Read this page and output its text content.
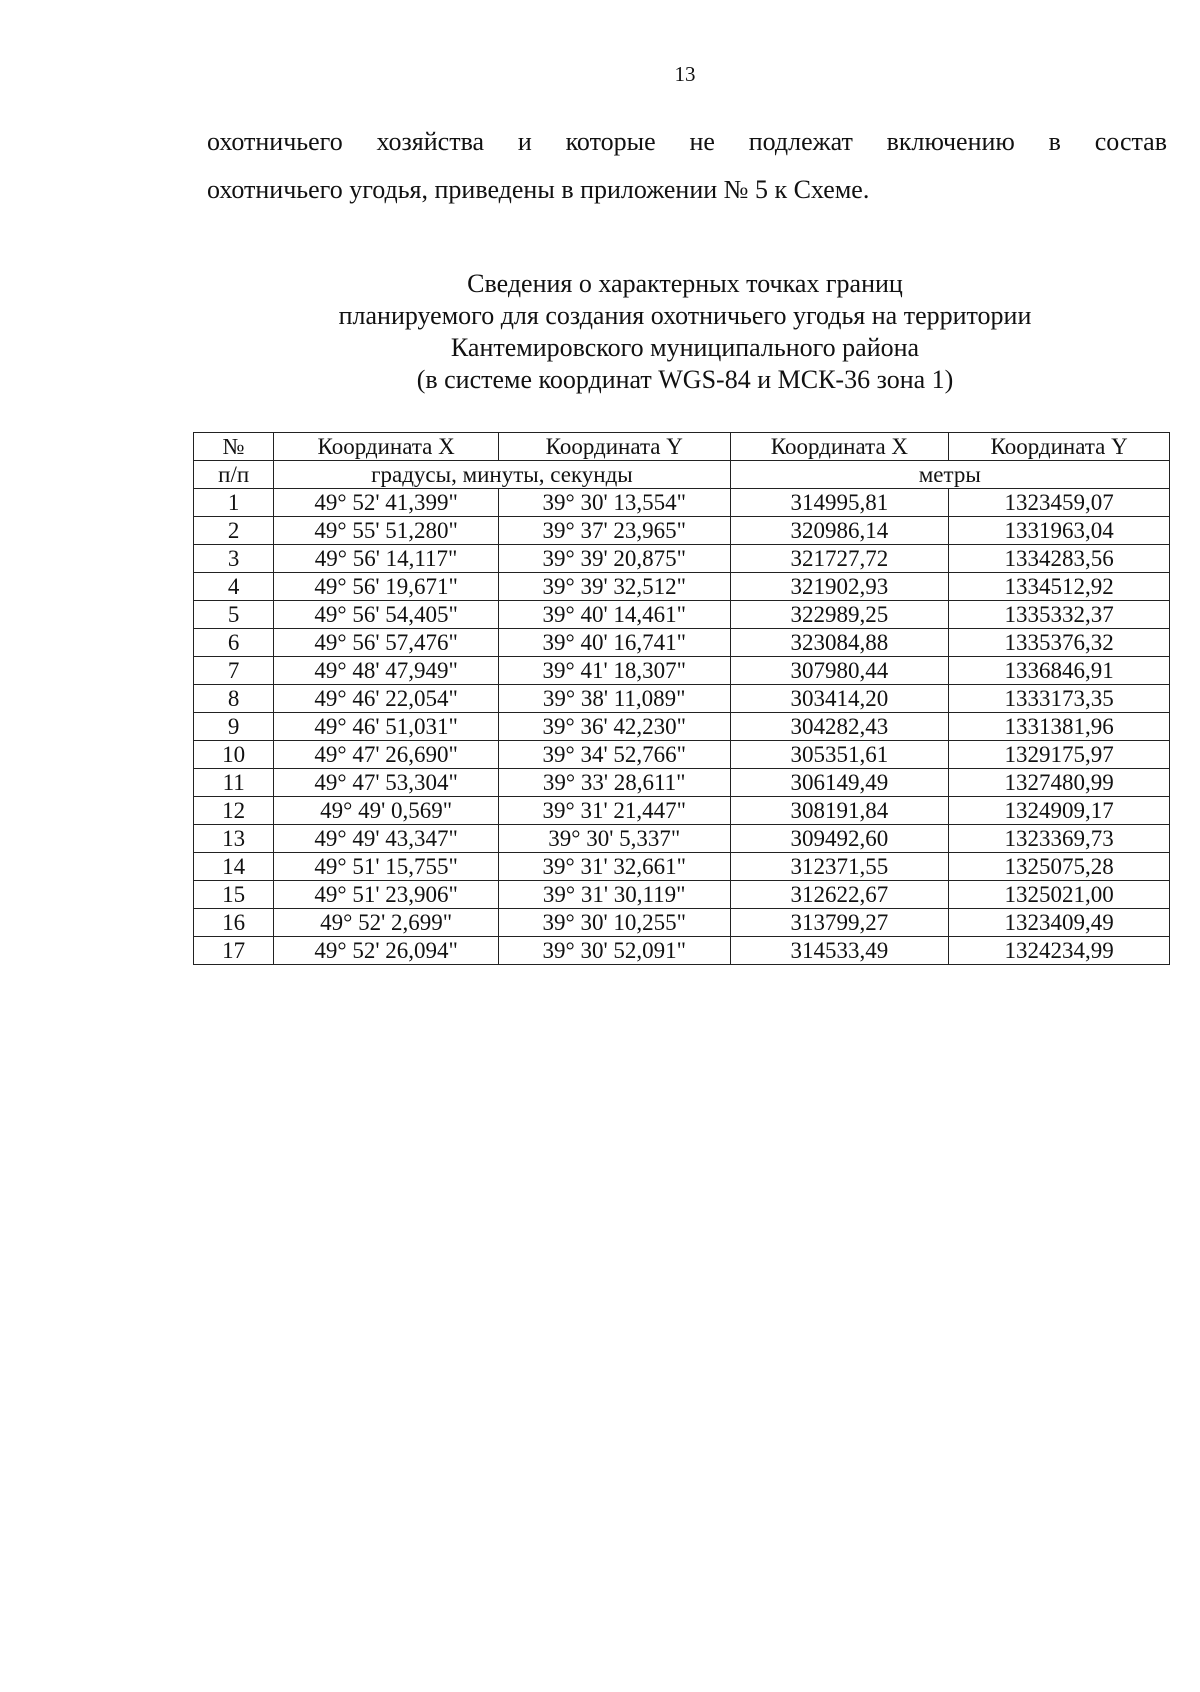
13
охотничьего хозяйства и которые не подлежат включению в состав
охотничьего угодья, приведены в приложении № 5 к Схеме.
Сведения о характерных точках границ
планируемого для создания охотничьего угодья на территории
Кантемировского муниципального района
(в системе координат WGS-84 и МСК-36 зона 1)
№	Координата X	Координата Y	Координата X	Координата Y
п/п	градусы, минуты, секунды		метры	
1	49° 52' 41,399"	39° 30' 13,554"	314995,81	1323459,07
2	49° 55' 51,280"	39° 37' 23,965"	320986,14	1331963,04
3	49° 56' 14,117"	39° 39' 20,875"	321727,72	1334283,56
4	49° 56' 19,671"	39° 39' 32,512"	321902,93	1334512,92
5	49° 56' 54,405"	39° 40' 14,461"	322989,25	1335332,37
6	49° 56' 57,476"	39° 40' 16,741"	323084,88	1335376,32
7	49° 48' 47,949"	39° 41' 18,307"	307980,44	1336846,91
8	49° 46' 22,054"	39° 38' 11,089"	303414,20	1333173,35
9	49° 46' 51,031"	39° 36' 42,230"	304282,43	1331381,96
10	49° 47' 26,690"	39° 34' 52,766"	305351,61	1329175,97
11	49° 47' 53,304"	39° 33' 28,611"	306149,49	1327480,99
12	49° 49' 0,569"	39° 31' 21,447"	308191,84	1324909,17
13	49° 49' 43,347"	39° 30' 5,337"	309492,60	1323369,73
14	49° 51' 15,755"	39° 31' 32,661"	312371,55	1325075,28
15	49° 51' 23,906"	39° 31' 30,119"	312622,67	1325021,00
16	49° 52' 2,699"	39° 30' 10,255"	313799,27	1323409,49
17	49° 52' 26,094"	39° 30' 52,091"	314533,49	1324234,99
